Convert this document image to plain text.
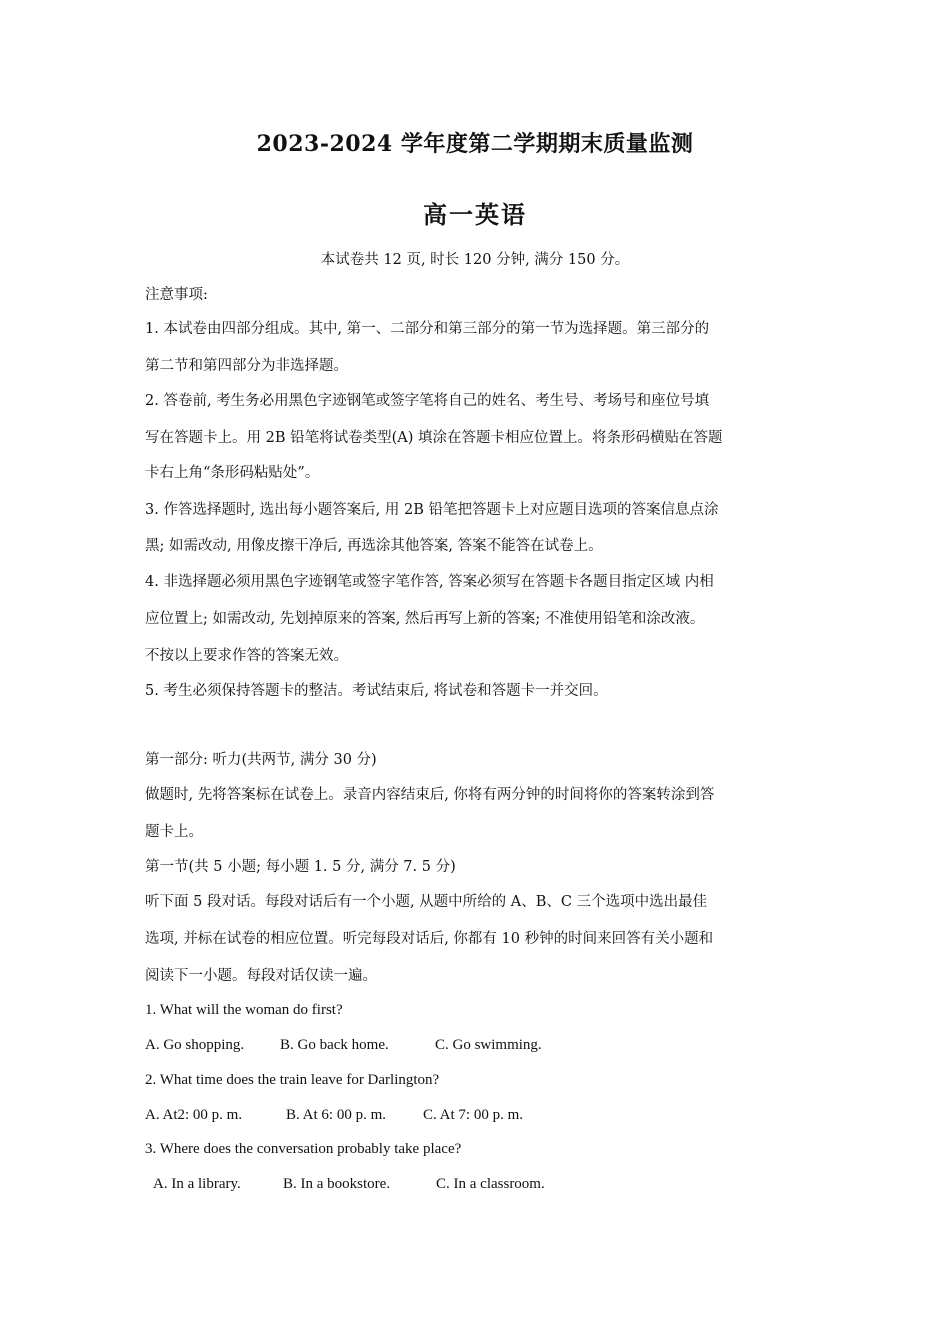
2023-2024 学年度第二学期期末质量监测
高一英语
本试卷共 12 页, 时长 120 分钟, 满分 150 分。
注意事项:
1. 本试卷由四部分组成。其中, 第一、二部分和第三部分的第一节为选择题。第三部分的
第二节和第四部分为非选择题。
2. 答卷前, 考生务必用黑色字迹钢笔或签字笔将自己的姓名、考生号、考场号和座位号填
写在答题卡上。用 2B 铅笔将试卷类型(A) 填涂在答题卡相应位置上。将条形码横贴在答题
卡右上角“条形码粘贴处”。
3. 作答选择题时, 选出每小题答案后, 用 2B 铅笔把答题卡上对应题目选项的答案信息点涂
黑; 如需改动, 用像皮擦干净后, 再选涂其他答案, 答案不能答在试卷上。
4. 非选择题必须用黑色字迹钢笔或签字笔作答, 答案必须写在答题卡各题目指定区域 内相
应位置上; 如需改动, 先划掉原来的答案, 然后再写上新的答案; 不准使用铅笔和涂改液。
不按以上要求作答的答案无效。
5. 考生必须保持答题卡的整洁。考试结束后, 将试卷和答题卡一并交回。
第一部分: 听力(共两节, 满分 30 分)
做题时, 先将答案标在试卷上。录音内容结束后, 你将有两分钟的时间将你的答案转涂到答
题卡上。
第一节(共 5 小题; 每小题 1. 5 分, 满分 7. 5 分)
听下面 5 段对话。每段对话后有一个小题, 从题中所给的 A、B、C 三个选项中选出最佳
选项, 并标在试卷的相应位置。听完每段对话后, 你都有 10 秒钟的时间来回答有关小题和
阅读下一小题。每段对话仅读一遍。
1. What will the woman do first?
A. Go shopping. B. Go back home.	C. Go swimming.
2. What time does the train leave for Darlington?
A. At2: 00 p. m.	B. At 6: 00 p. m. C. At 7: 00 p. m.
3. Where does the conversation probably take place?
A. In a library.	B. In a bookstore.	C. In a classroom.
